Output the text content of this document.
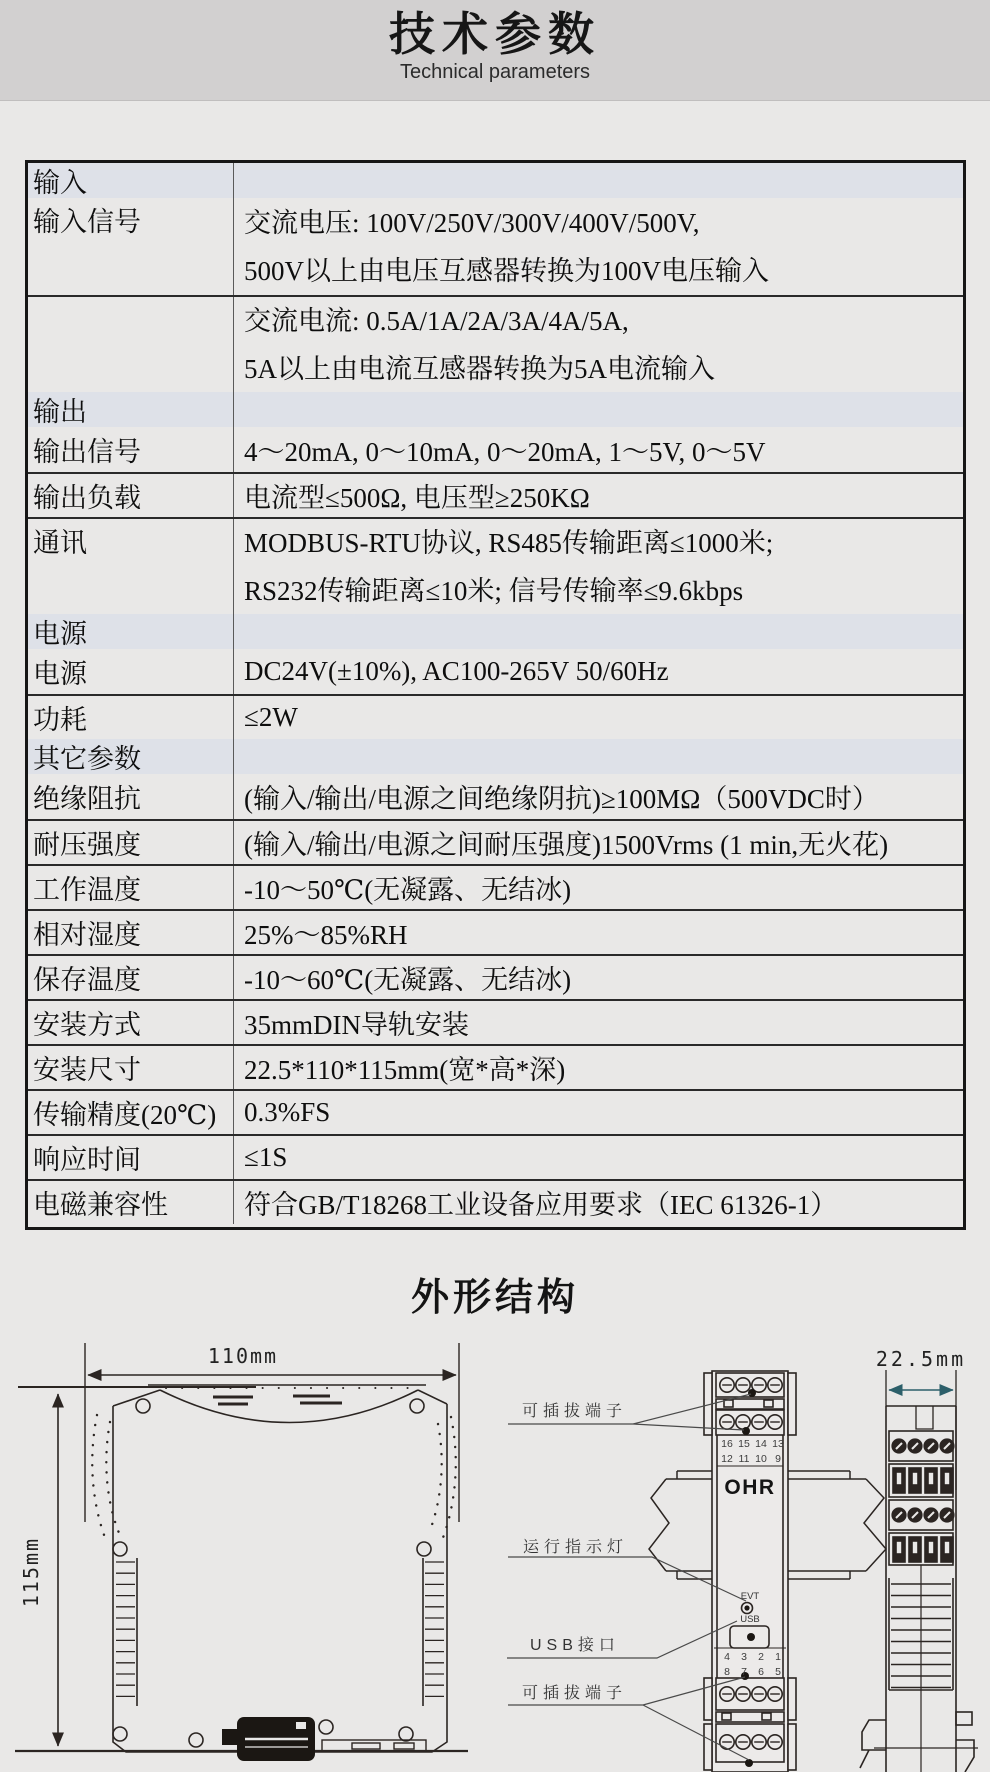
技术参数
Technical parameters
输入
输入信号	交流电压: 100V/250V/300V/400V/500V,
500V以上由电压互感器转换为100V电压输入
交流电流: 0.5A/1A/2A/3A/4A/5A,
5A以上由电流互感器转换为5A电流输入
输出
输出信号	4～20mA, 0～10mA, 0～20mA, 1～5V, 0～5V
输出负载	电流型≤500Ω, 电压型≥250KΩ
通讯	MODBUS-RTU协议, RS485传输距离≤1000米;
RS232传输距离≤10米; 信号传输率≤9.6kbps
电源
电源	DC24V(±10%), AC100-265V 50/60Hz
功耗	≤2W
其它参数
绝缘阻抗	(输入/输出/电源之间绝缘阴抗)≥100MΩ（500VDC时）
耐压强度	(输入/输出/电源之间耐压强度)1500Vrms (1 min,无火花)
工作温度	-10～50℃(无凝露、无结冰)
相对湿度	25%～85%RH
保存温度	-10～60℃(无凝露、无结冰)
安装方式	35mmDIN导轨安装
安装尺寸	22.5*110*115mm(宽*高*深)
传输精度(20℃)	0.3%FS
响应时间	≤1S
电磁兼容性	符合GB/T18268工业设备应用要求（IEC 61326-1）
外形结构
110mm
115mm
OHR
EVT
USB
16 15 14 13
12 11 10 9
4 3 2 1
8 7 6 5
可插拔端子
运行指示灯
USB接口
可插拔端子
22.5mm
